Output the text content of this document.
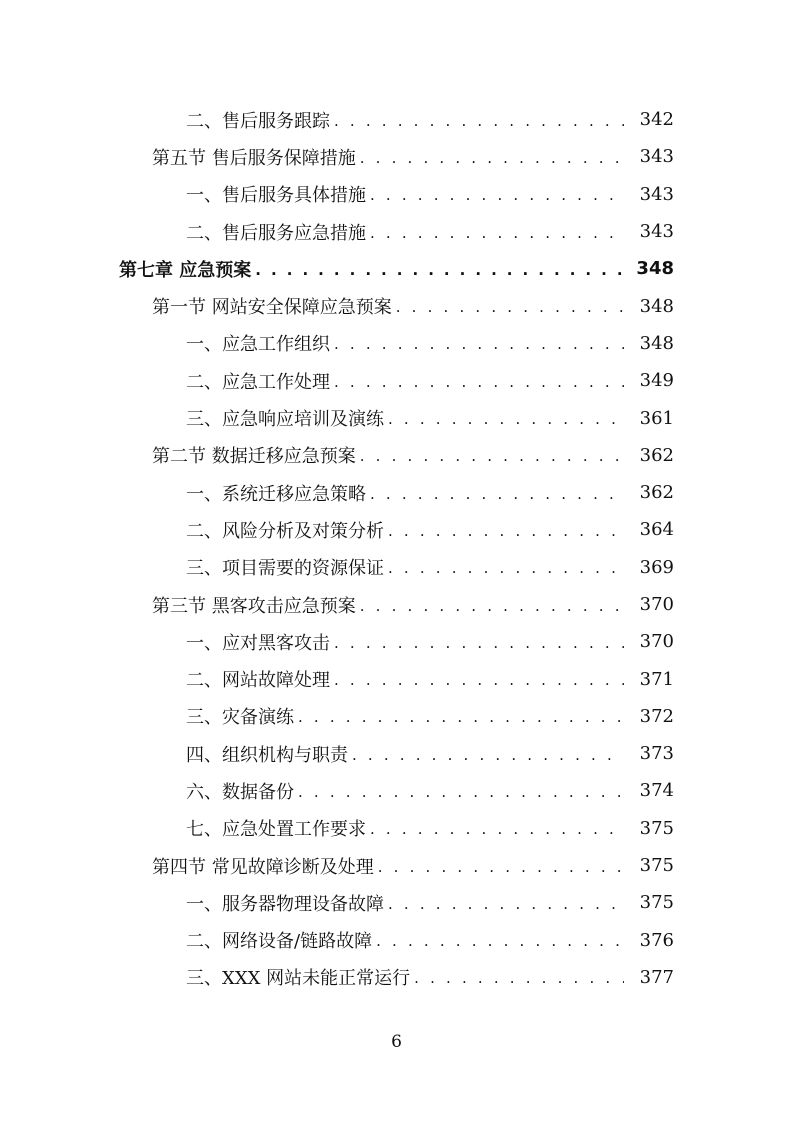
二、售后服务跟踪 . . .	342
第五节 售后服务保障措施 . . .	343
一、售后服务具体措施 . . .	343
二、售后服务应急措施 . . .	343
第七章 应急预案 . . .	348
第一节 网站安全保障应急预案 . . .	348
一、应急工作组织 . . .	348
二、应急工作处理 . . .	349
三、应急响应培训及演练 . . .	361
第二节 数据迁移应急预案 . . .	362
一、系统迁移应急策略 . . .	362
二、风险分析及对策分析 . . .	364
三、项目需要的资源保证 . . .	369
第三节 黑客攻击应急预案 . . .	370
一、应对黑客攻击 . . .	370
二、网站故障处理 . . .	371
三、灾备演练 . . .	372
四、组织机构与职责 . . .	373
六、数据备份 . . .	374
七、应急处置工作要求 . . .	375
第四节 常见故障诊断及处理 . . .	375
一、服务器物理设备故障 . . .	375
二、网络设备/链路故障 . . .	376
三、XXX 网站未能正常运行 . . .	377
6
